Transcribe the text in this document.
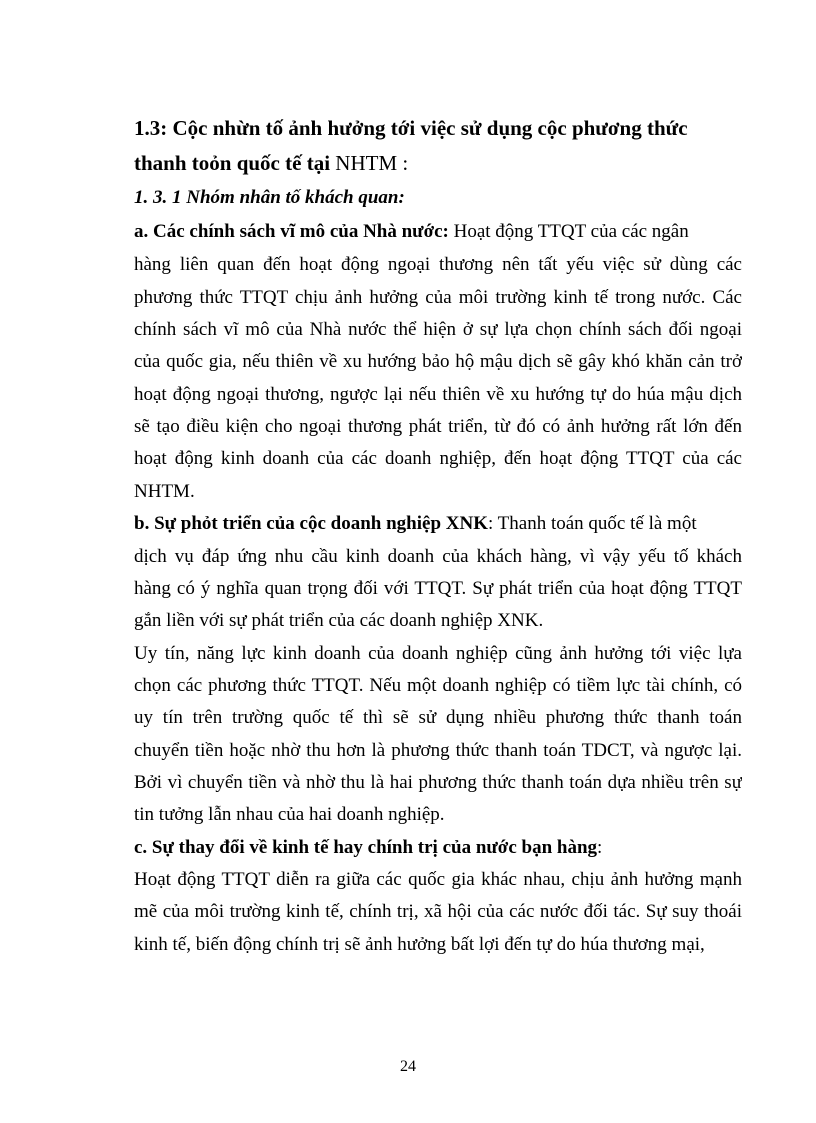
1.3: Cộc nhừn tố ảnh hưởng tới việc sử dụng cộc phương thức
thanh toỏn quốc tế tại NHTM :
1. 3. 1 Nhóm nhân tố khách quan:
a. Các chính sách vĩ mô của Nhà nước: Hoạt động TTQT của các ngân
hàng liên quan đến hoạt động ngoại thương nên tất yếu việc sử dùng các
phương thức TTQT chịu ảnh hưởng của môi trường kinh tế trong nước. Các
chính sách vĩ mô của Nhà nước thể hiện ở sự lựa chọn chính sách đối ngoại
của quốc gia, nếu thiên về xu hướng bảo hộ mậu dịch sẽ gây khó khăn cản trở
hoạt động ngoại thương, ngược lại nếu thiên về xu hướng tự do húa mậu dịch
sẽ tạo điều kiện cho ngoại thương phát triển, từ đó có ảnh hưởng rất lớn đến
hoạt động kinh doanh của các doanh nghiệp, đến hoạt động TTQT của các
NHTM.
b. Sự phỏt triển của cộc doanh nghiệp XNK: Thanh toán quốc tế là một
dịch vụ đáp ứng nhu cầu kinh doanh của khách hàng, vì vậy yếu tố khách
hàng có ý nghĩa quan trọng đối với TTQT. Sự phát triển của hoạt động TTQT
gắn liền với sự phát triển của các doanh nghiệp XNK.
Uy tín, năng lực kinh doanh của doanh nghiệp cũng ảnh hưởng tới việc lựa
chọn các phương thức TTQT. Nếu một doanh nghiệp có tiềm lực tài chính, có
uy tín trên trường quốc tế thì sẽ sử dụng nhiều phương thức thanh toán
chuyển tiền hoặc nhờ thu hơn là phương thức thanh toán TDCT, và ngược lại.
Bởi vì chuyển tiền và nhờ thu là hai phương thức thanh toán dựa nhiều trên sự
tin tưởng lẫn nhau của hai doanh nghiệp.
c. Sự thay đổi về kinh tế hay chính trị của nước bạn hàng:
Hoạt động TTQT diễn ra giữa các quốc gia khác nhau, chịu ảnh hưởng mạnh
mẽ của môi trường kinh tế, chính trị, xã hội của các nước đối tác. Sự suy thoái
kinh tế, biến động chính trị sẽ ảnh hưởng bất lợi đến tự do húa thương mại,
24
